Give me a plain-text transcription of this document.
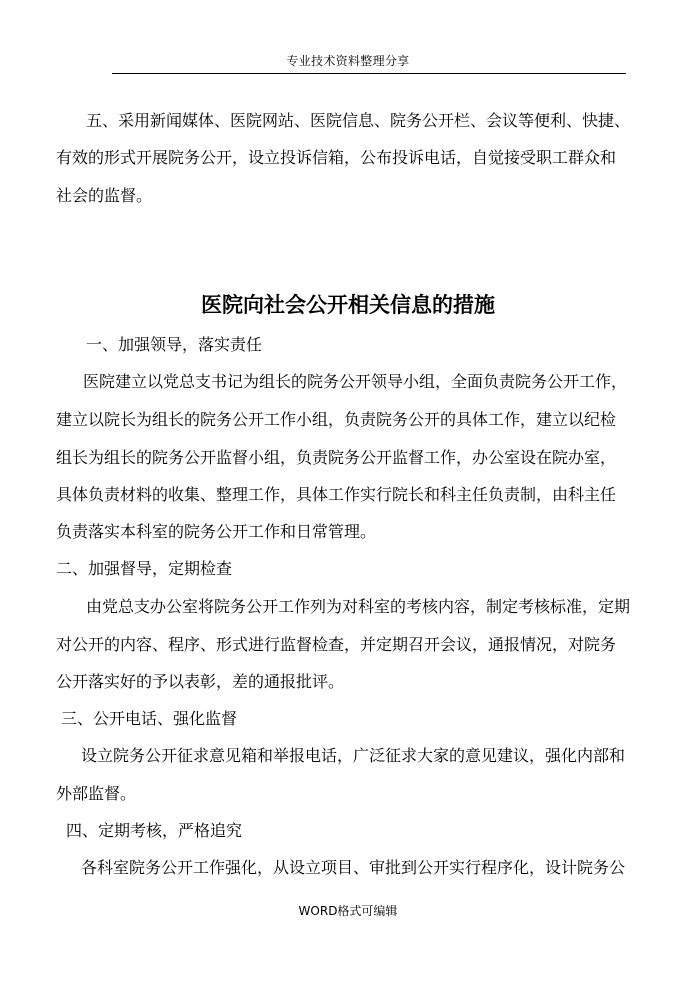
专业技术资料整理分享
五、采用新闻媒体、医院网站、医院信息、院务公开栏、会议等便利、快捷、
有效的形式开展院务公开，设立投诉信箱，公布投诉电话，自觉接受职工群众和
社会的监督。
医院向社会公开相关信息的措施
一、加强领导，落实责任
医院建立以党总支书记为组长的院务公开领导小组，全面负责院务公开工作，
建立以院长为组长的院务公开工作小组，负责院务公开的具体工作，建立以纪检
组长为组长的院务公开监督小组，负责院务公开监督工作，办公室设在院办室，
具体负责材料的收集、整理工作，具体工作实行院长和科主任负责制，由科主任
负责落实本科室的院务公开工作和日常管理。
二、加强督导，定期检查
由党总支办公室将院务公开工作列为对科室的考核内容，制定考核标准，定期
对公开的内容、程序、形式进行监督检查，并定期召开会议，通报情况，对院务
公开落实好的予以表彰，差的通报批评。
三、公开电话、强化监督
设立院务公开征求意见箱和举报电话，广泛征求大家的意见建议，强化内部和
外部监督。
四、定期考核，严格追究
各科室院务公开工作强化，从设立项目、审批到公开实行程序化，设计院务公
WORD格式可编辑
